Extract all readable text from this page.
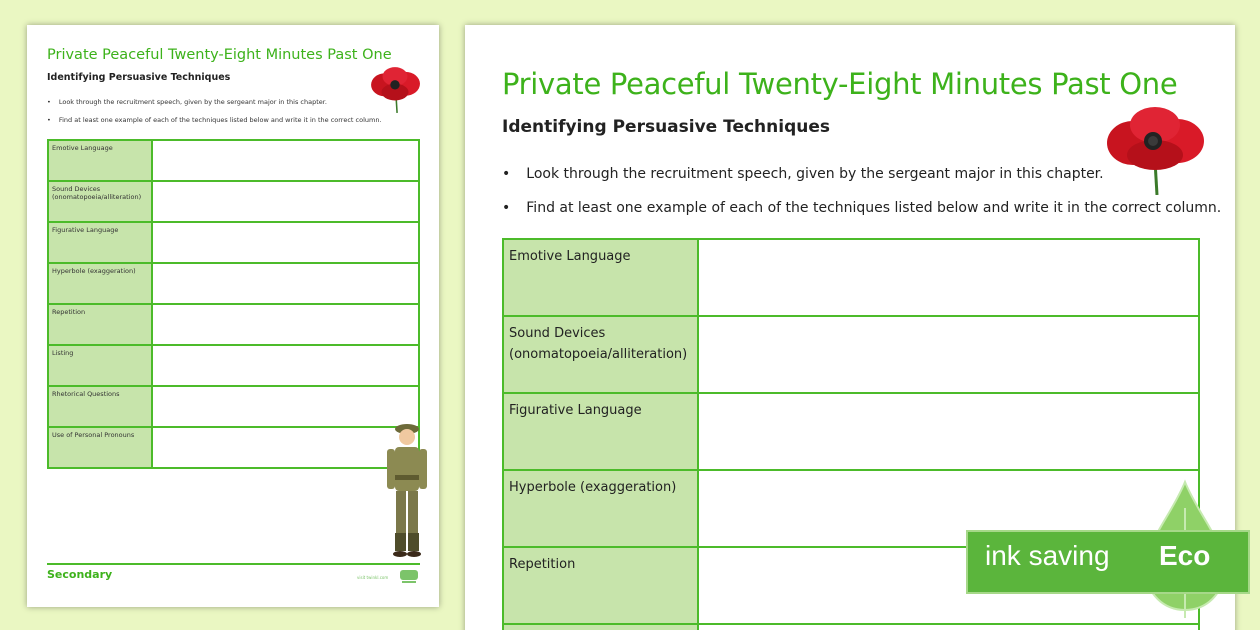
Private Peaceful Twenty-Eight Minutes Past One
Identifying Persuasive Techniques
• Look through the recruitment speech, given by the sergeant major in this chapter.
• Find at least one example of each of the techniques listed below and write it in the correct column.
Emotive Language	
Sound Devices
(onomatopoeia/alliteration)	
Figurative Language	
Hyperbole (exaggeration)	
Repetition	
Listing	
Rhetorical Questions	
Use of Personal Pronouns	
Secondary	visit twinkl.com
Private Peaceful Twenty-Eight Minutes Past One
Identifying Persuasive Techniques
• Look through the recruitment speech, given by the sergeant major in this chapter.
• Find at least one example of each of the techniques listed below and write it in the correct column.
Emotive Language	
Sound Devices
(onomatopoeia/alliteration)	
Figurative Language	
Hyperbole (exaggeration)	
Repetition	
		ink saving Eco
